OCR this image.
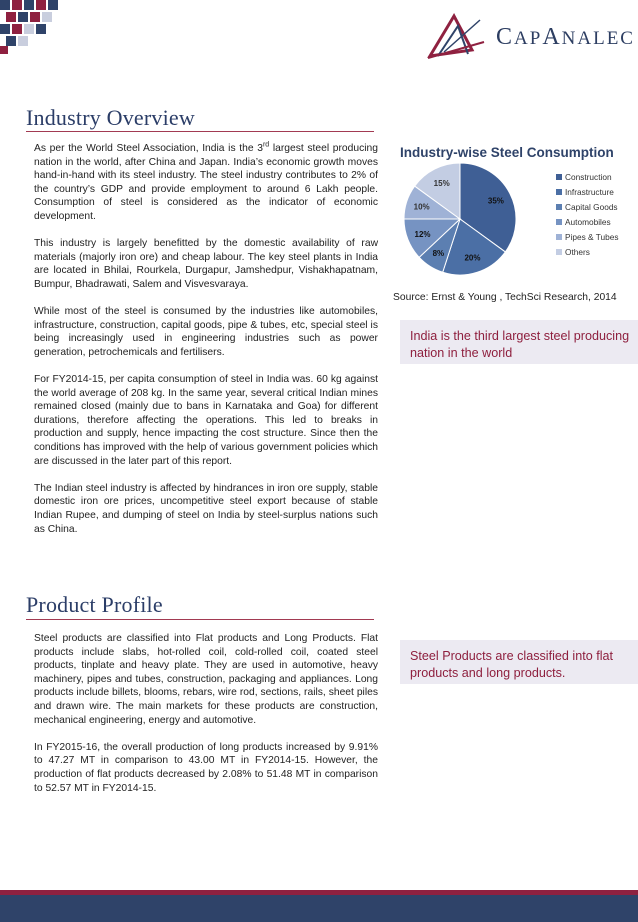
CAPANALEC
Industry Overview

As per the World Steel Association, India is the 3rd largest steel producing nation in the world, after China and Japan. India’s economic growth moves hand-in-hand with its steel industry. The steel industry contributes to 2% of the country’s GDP and provide employment to around 6 Lakh people. Consumption of steel is considered as the indicator of economic development.

This industry is largely benefitted by the domestic availability of raw materials (majorly iron ore) and cheap labour. The key steel plants in India are located in Bhilai, Rourkela, Durgapur, Jamshedpur, Vishakhapatnam, Bumpur, Bhadrawati, Salem and Visvesvaraya.

While most of the steel is consumed by the industries like automobiles, infrastructure, construction, capital goods, pipe & tubes, etc, special steel is being increasingly used in engineering industries such as power generation, petrochemicals and fertilisers.

For FY2014-15, per capita consumption of steel in India was. 60 kg against the world average of 208 kg. In the same year, several critical Indian mines remained closed (mainly due to bans in Karnataka and Goa) for different durations, therefore affecting the operations. This led to breaks in production and supply, hence impacting the cost structure. Since then the conditions has improved with the help of various government policies which are discussed in the later part of this report.

The Indian steel industry is affected by hindrances in iron ore supply, stable domestic iron ore prices, uncompetitive steel export because of stable Indian Rupee, and dumping of steel on India by steel-surplus nations such as China.

Industry-wise Steel Consumption
35%
20%
8%
12%
10%
15%
Construction
Infrastructure
Capital Goods
Automobiles
Pipes & Tubes
Others
Source: Ernst & Young , TechSci Research, 2014
India is the third largest steel producing nation in the world
Product Profile

Steel products are classified into Flat products and Long Products. Flat products include slabs, hot-rolled coil, cold-rolled coil, coated steel products, tinplate and heavy plate. They are used in automotive, heavy machinery, pipes and tubes, construction, packaging and appliances. Long products include billets, blooms, rebars, wire rod, sections, rails, sheet piles and drawn wire. The main markets for these products are construction, mechanical engineering, energy and automotive.

In FY2015-16, the overall production of long products increased by 9.91% to 47.27 MT in comparison to 43.00 MT in FY2014-15. However, the production of flat products decreased by 2.08% to 51.48 MT in comparison to 52.57 MT in FY2014-15.

Steel Products are classified into flat products and long products.
